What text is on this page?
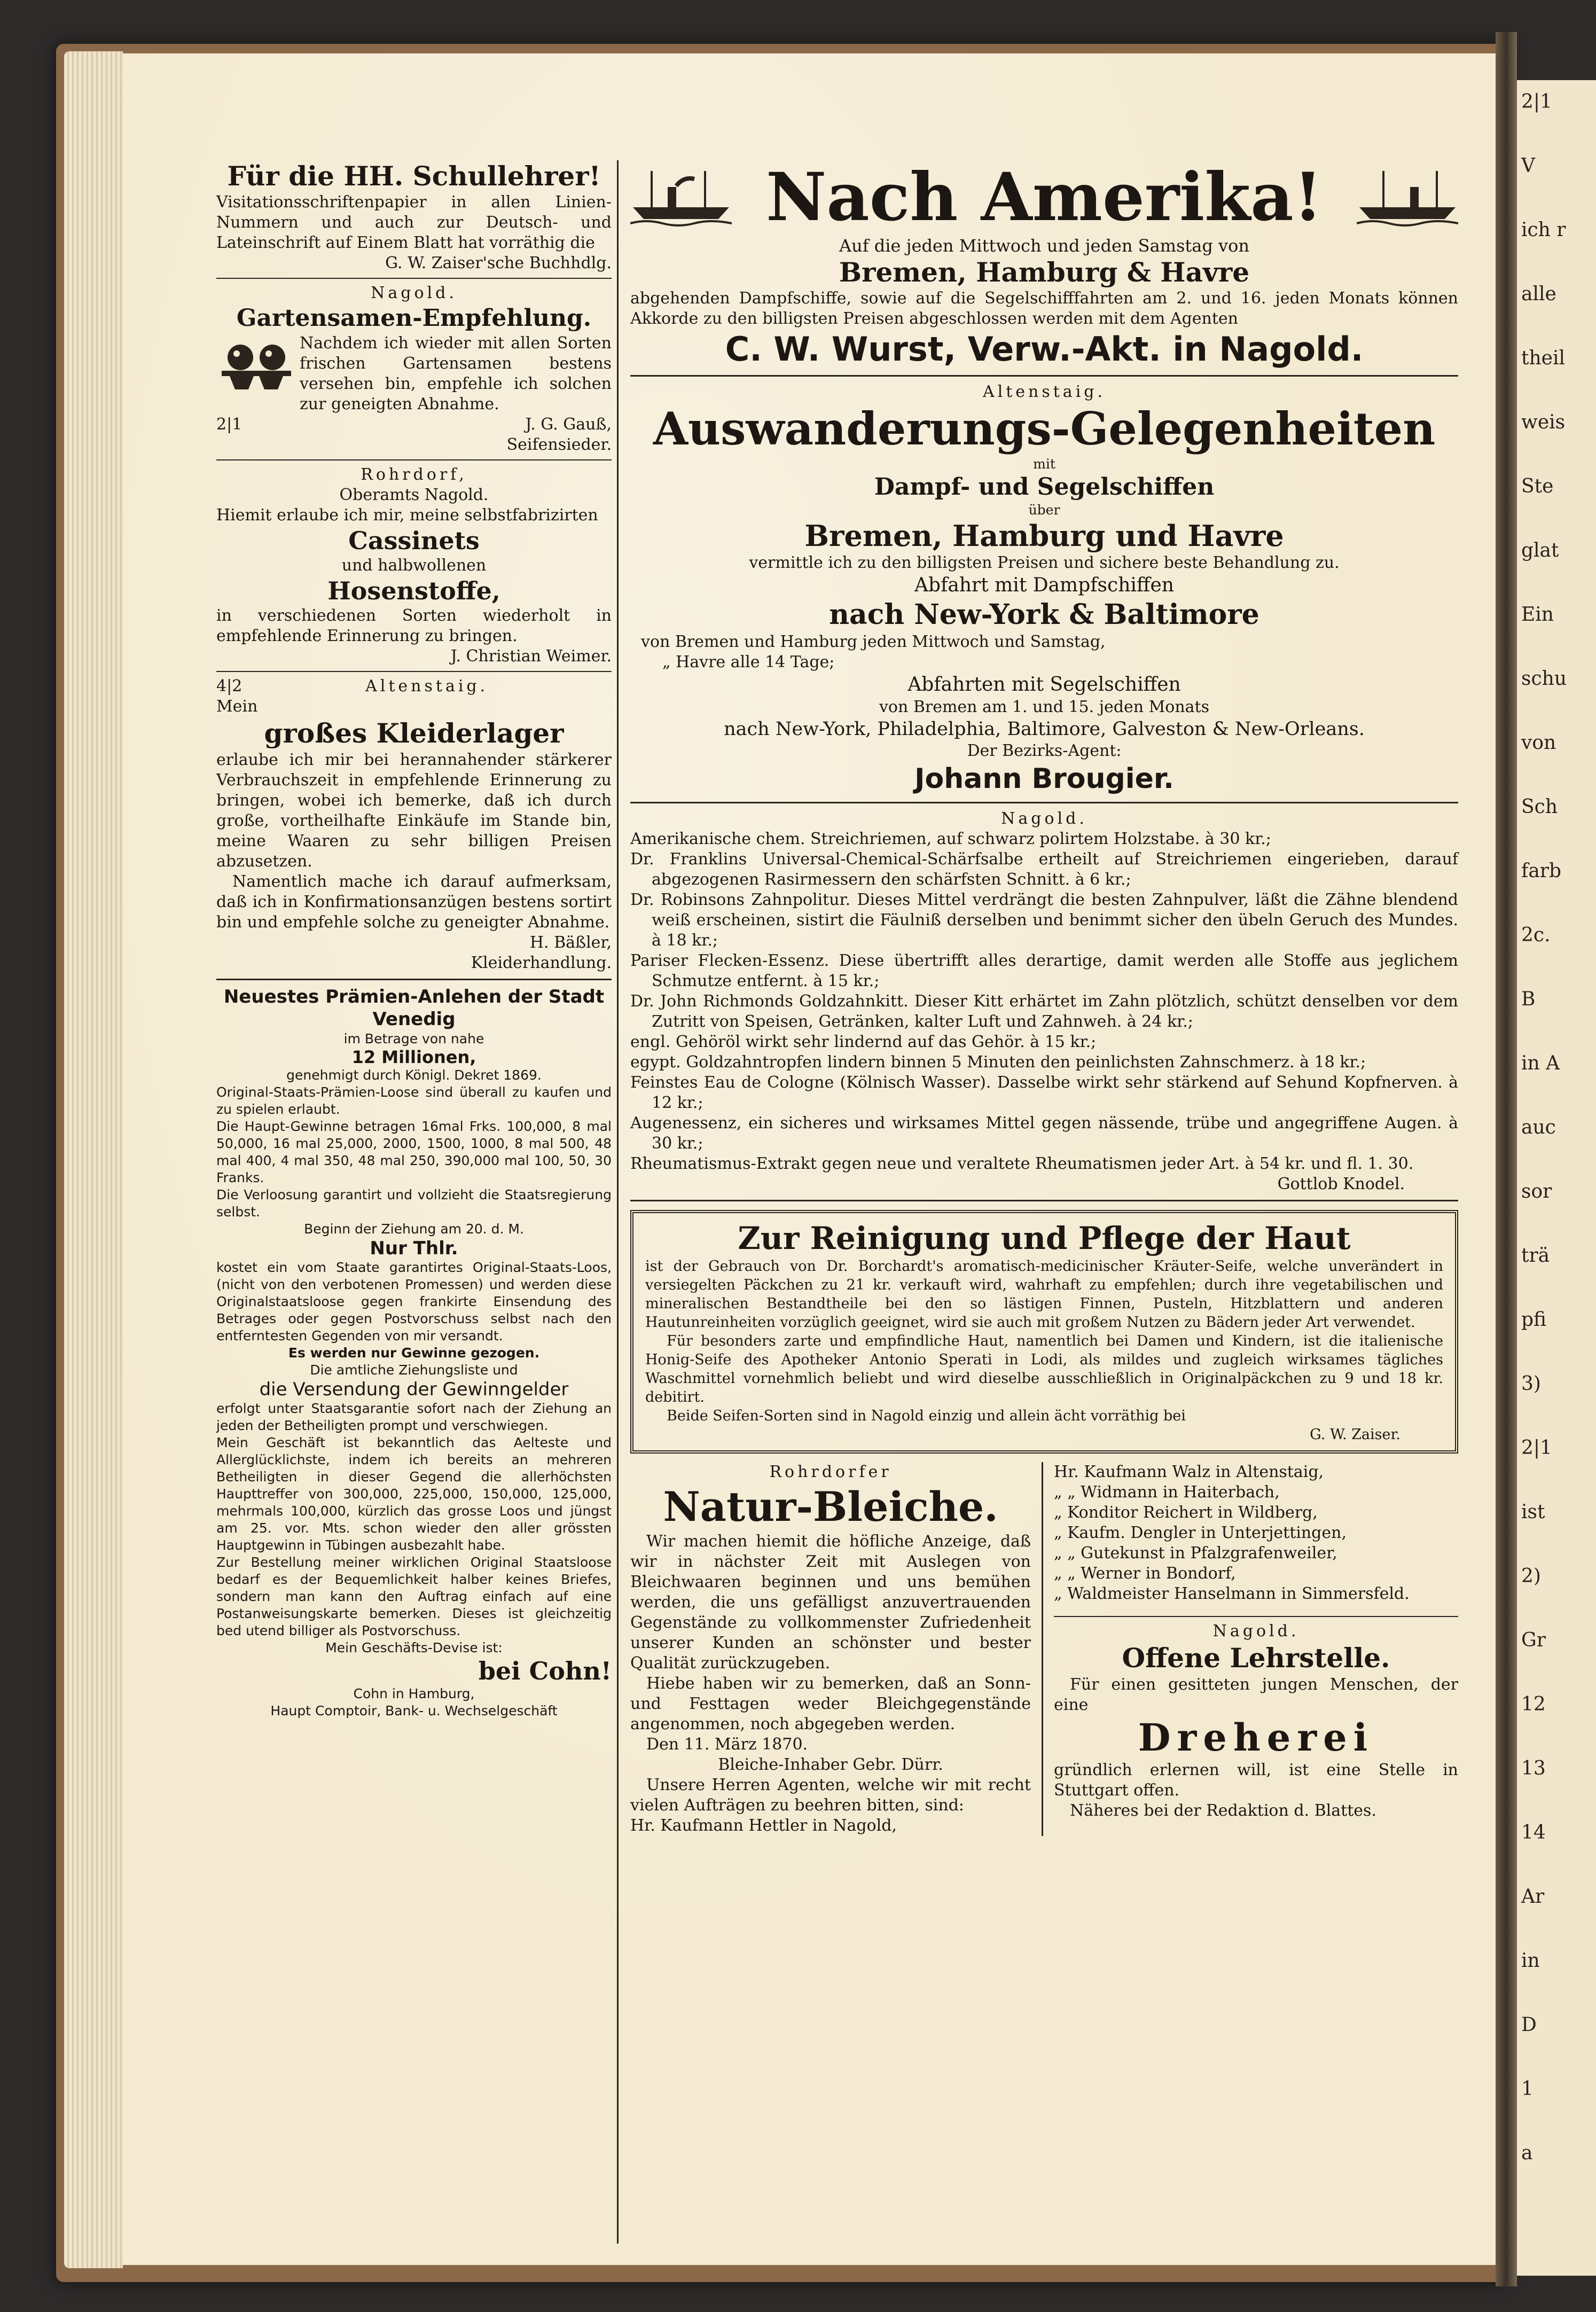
2|1
V
ich r
alle
theil
weis
Ste
glat
Ein
schu
von
Sch
farb
2c.
B
in A
auc
sor
trä
pfi
3)
2|1
ist
2)
Gr
12
13
14
Ar
in
D
1
a
Für die HH. Schullehrer!

Visitationsschriftenpapier in allen Linien-Nummern und auch zur Deutsch- und Lateinschrift auf Einem Blatt hat vorräthig die

G. W. Zaiser'sche Buchhdlg.

Nagold.

Gartensamen-Empfehlung.

Nachdem ich wieder mit allen Sorten frischen Gartensamen bestens versehen bin, empfehle ich solchen zur geneigten Abnahme.

2|1	J. G. Gauß, Seifensieder.

Rohrdorf,

Oberamts Nagold.

Hiemit erlaube ich mir, meine selbstfabrizirten

Cassinets

und halbwollenen

Hosenstoffe,

in verschiedenen Sorten wiederholt in empfehlende Erinnerung zu bringen.

J. Christian Weimer.

4|2	Altenstaig.

Mein

großes Kleiderlager

erlaube ich mir bei herannahender stärkerer Verbrauchszeit in empfehlende Erinnerung zu bringen, wobei ich bemerke, daß ich durch große, vortheilhafte Einkäufe im Stande bin, meine Waaren zu sehr billigen Preisen abzusetzen.

Namentlich mache ich darauf aufmerksam, daß ich in Konfirmationsanzügen bestens sortirt bin und empfehle solche zu geneigter Abnahme.

H. Bäßler,

Kleiderhandlung.

Neuestes Prämien-Anlehen der Stadt Venedig

im Betrage von nahe

12 Millionen,

genehmigt durch Königl. Dekret 1869.

Original-Staats-Prämien-Loose sind überall zu kaufen und zu spielen erlaubt.

Die Haupt-Gewinne betragen 16mal Frks. 100,000, 8 mal 50,000, 16 mal 25,000, 2000, 1500, 1000, 8 mal 500, 48 mal 400, 4 mal 350, 48 mal 250, 390,000 mal 100, 50, 30 Franks.

Die Verloosung garantirt und vollzieht die Staatsregierung selbst.

Beginn der Ziehung am 20. d. M.

Nur Thlr.

kostet ein vom Staate garantirtes Original-Staats-Loos, (nicht von den verbotenen Promessen) und werden diese Originalstaatsloose gegen frankirte Einsendung des Betrages oder gegen Postvorschuss selbst nach den entferntesten Gegenden von mir versandt.

Es werden nur Gewinne gezogen.

Die amtliche Ziehungsliste und

die Versendung der Gewinngelder

erfolgt unter Staatsgarantie sofort nach der Ziehung an jeden der Betheiligten prompt und verschwiegen.

Mein Geschäft ist bekanntlich das Aelteste und Allerglücklichste, indem ich bereits an mehreren Betheiligten in dieser Gegend die allerhöchsten Haupttreffer von 300,000, 225,000, 150,000, 125,000, mehrmals 100,000, kürzlich das grosse Loos und jüngst am 25. vor. Mts. schon wieder den aller grössten Hauptgewinn in Tübingen ausbezahlt habe.

Zur Bestellung meiner wirklichen Original Staatsloose bedarf es der Bequemlichkeit halber keines Briefes, sondern man kann den Auftrag einfach auf eine Postanweisungskarte bemerken. Dieses ist gleichzeitig bed utend billiger als Postvorschuss.

Mein Geschäfts-Devise ist:

bei Cohn!

Cohn in Hamburg,

Haupt Comptoir, Bank- u. Wechselgeschäft

Nach Amerika!

Auf die jeden Mittwoch und jeden Samstag von

Bremen, Hamburg & Havre

abgehenden Dampfschiffe, sowie auf die Segelschifffahrten am 2. und 16. jeden Monats können Akkorde zu den billigsten Preisen abgeschlossen werden mit dem Agenten

C. W. Wurst, Verw.-Akt. in Nagold.

Altenstaig.

Auswanderungs-Gelegenheiten

mit

Dampf- und Segelschiffen

über

Bremen, Hamburg und Havre

vermittle ich zu den billigsten Preisen und sichere beste Behandlung zu.

Abfahrt mit Dampfschiffen

nach New-York & Baltimore

von Bremen und Hamburg jeden Mittwoch und Samstag,

„ Havre alle 14 Tage;

Abfahrten mit Segelschiffen

von Bremen am 1. und 15. jeden Monats

nach New-York, Philadelphia, Baltimore, Galveston & New-Orleans.

Der Bezirks-Agent:

Johann Brougier.

Nagold.

Amerikanische chem. Streichriemen, auf schwarz polirtem Holzstabe. à 30 kr.;

Dr. Franklins Universal-Chemical-Schärfsalbe ertheilt auf Streichriemen eingerieben, darauf abgezogenen Rasirmessern den schärfsten Schnitt. à 6 kr.;

Dr. Robinsons Zahnpolitur. Dieses Mittel verdrängt die besten Zahnpulver, läßt die Zähne blendend weiß erscheinen, sistirt die Fäulniß derselben und benimmt sicher den übeln Geruch des Mundes. à 18 kr.;

Pariser Flecken-Essenz. Diese übertrifft alles derartige, damit werden alle Stoffe aus jeglichem Schmutze entfernt. à 15 kr.;

Dr. John Richmonds Goldzahnkitt. Dieser Kitt erhärtet im Zahn plötzlich, schützt denselben vor dem Zutritt von Speisen, Getränken, kalter Luft und Zahnweh. à 24 kr.;

engl. Gehöröl wirkt sehr lindernd auf das Gehör. à 15 kr.;

egypt. Goldzahntropfen lindern binnen 5 Minuten den peinlichsten Zahnschmerz. à 18 kr.;

Feinstes Eau de Cologne (Kölnisch Wasser). Dasselbe wirkt sehr stärkend auf Sehund Kopfnerven. à 12 kr.;

Augenessenz, ein sicheres und wirksames Mittel gegen nässende, trübe und angegriffene Augen. à 30 kr.;

Rheumatismus-Extrakt gegen neue und veraltete Rheumatismen jeder Art. à 54 kr. und fl. 1. 30.

Gottlob Knodel.

Zur Reinigung und Pflege der Haut

ist der Gebrauch von Dr. Borchardt's aromatisch-medicinischer Kräuter-Seife, welche unverändert in versiegelten Päckchen zu 21 kr. verkauft wird, wahrhaft zu empfehlen; durch ihre vegetabilischen und mineralischen Bestandtheile bei den so lästigen Finnen, Pusteln, Hitzblattern und anderen Hautunreinheiten vorzüglich geeignet, wird sie auch mit großem Nutzen zu Bädern jeder Art verwendet.

Für besonders zarte und empfindliche Haut, namentlich bei Damen und Kindern, ist die italienische Honig-Seife des Apotheker Antonio Sperati in Lodi, als mildes und zugleich wirksames tägliches Waschmittel vornehmlich beliebt und wird dieselbe ausschließlich in Originalpäckchen zu 9 und 18 kr. debitirt.

Beide Seifen-Sorten sind in Nagold einzig und allein ächt vorräthig bei

G. W. Zaiser.

Rohrdorfer

Natur-Bleiche.

Wir machen hiemit die höfliche Anzeige, daß wir in nächster Zeit mit Auslegen von Bleichwaaren beginnen und uns bemühen werden, die uns gefälligst anzuvertrauenden Gegenstände zu vollkommenster Zufriedenheit unserer Kunden an schönster und bester Qualität zurückzugeben.

Hiebe haben wir zu bemerken, daß an Sonn- und Festtagen weder Bleichgegenstände angenommen, noch abgegeben werden.

Den 11. März 1870.

Bleiche-Inhaber Gebr. Dürr.

Unsere Herren Agenten, welche wir mit recht vielen Aufträgen zu beehren bitten, sind:

Hr. Kaufmann Hettler in Nagold,

Hr. Kaufmann Walz in Altenstaig,

„ „ Widmann in Haiterbach,

„ Konditor Reichert in Wildberg,

„ Kaufm. Dengler in Unterjettingen,

„ „ Gutekunst in Pfalzgrafenweiler,

„ „ Werner in Bondorf,

„ Waldmeister Hanselmann in Simmersfeld.

Nagold.

Offene Lehrstelle.

Für einen gesitteten jungen Menschen, der eine

Dreherei

gründlich erlernen will, ist eine Stelle in Stuttgart offen.

Näheres bei der Redaktion d. Blattes.
